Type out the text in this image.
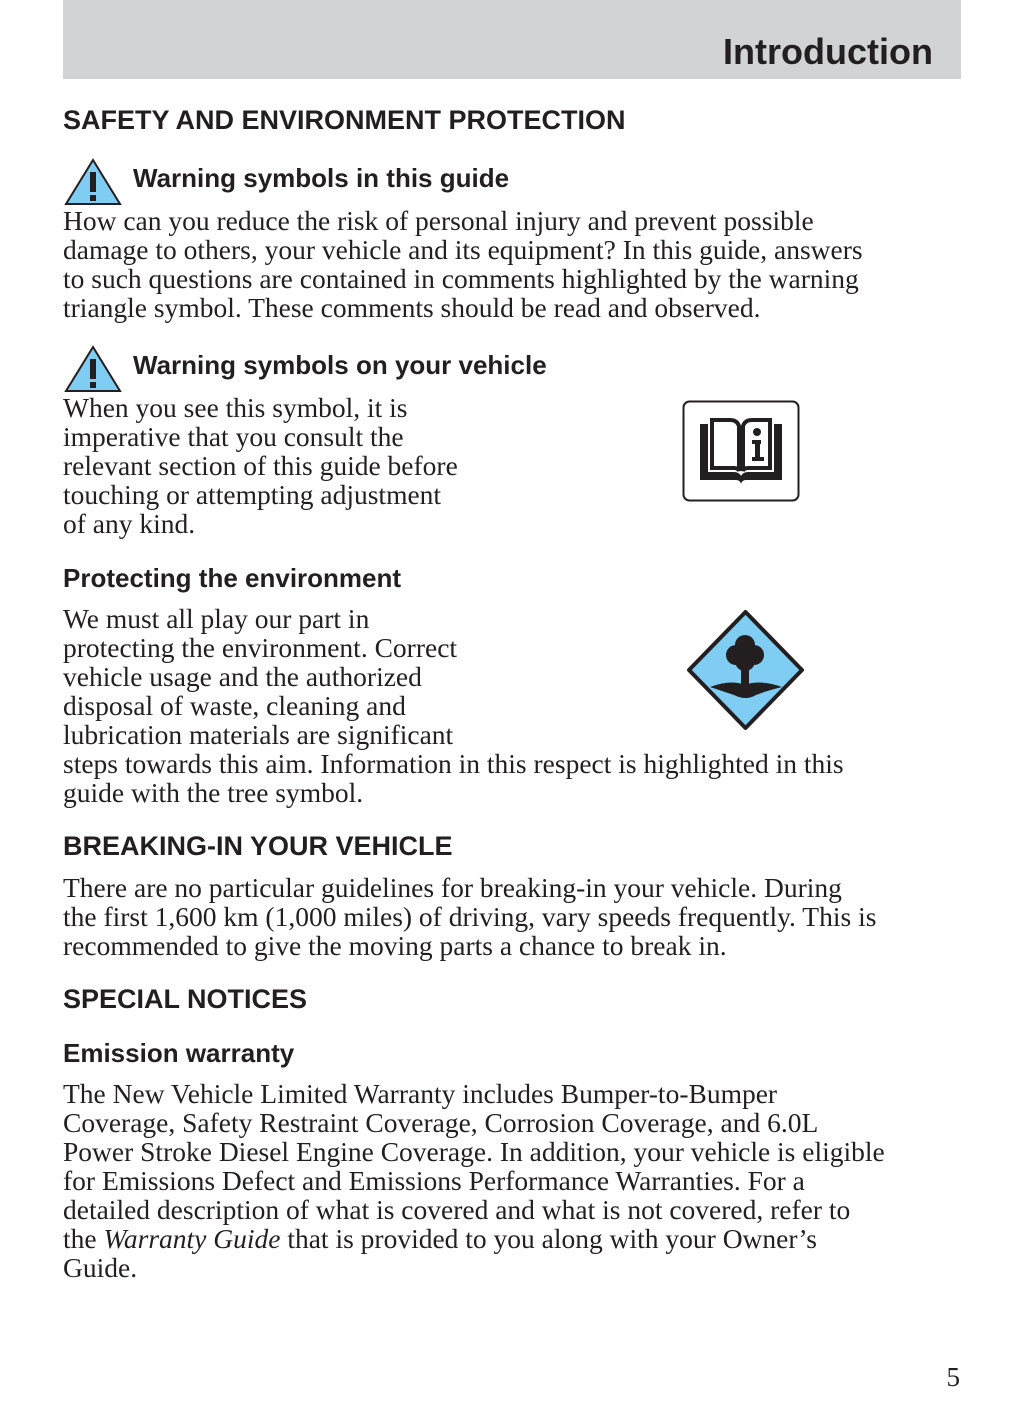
Introduction
SAFETY AND ENVIRONMENT PROTECTION
Warning symbols in this guide

How can you reduce the risk of personal injury and prevent possible
damage to others, your vehicle and its equipment? In this guide, answers
to such questions are contained in comments highlighted by the warning
triangle symbol. These comments should be read and observed.

Warning symbols on your vehicle

When you see this symbol, it is
imperative that you consult the
relevant section of this guide before
touching or attempting adjustment
of any kind.

Protecting the environment

We must all play our part in
protecting the environment. Correct
vehicle usage and the authorized
disposal of waste, cleaning and
lubrication materials are significant
steps towards this aim. Information in this respect is highlighted in this
guide with the tree symbol.

BREAKING-IN YOUR VEHICLE

There are no particular guidelines for breaking-in your vehicle. During
the first 1,600 km (1,000 miles) of driving, vary speeds frequently. This is
recommended to give the moving parts a chance to break in.

SPECIAL NOTICES
Emission warranty

The New Vehicle Limited Warranty includes Bumper-to-Bumper
Coverage, Safety Restraint Coverage, Corrosion Coverage, and 6.0L
Power Stroke Diesel Engine Coverage. In addition, your vehicle is eligible
for Emissions Defect and Emissions Performance Warranties. For a
detailed description of what is covered and what is not covered, refer to
the Warranty Guide that is provided to you along with your Owner’s
Guide.

5
